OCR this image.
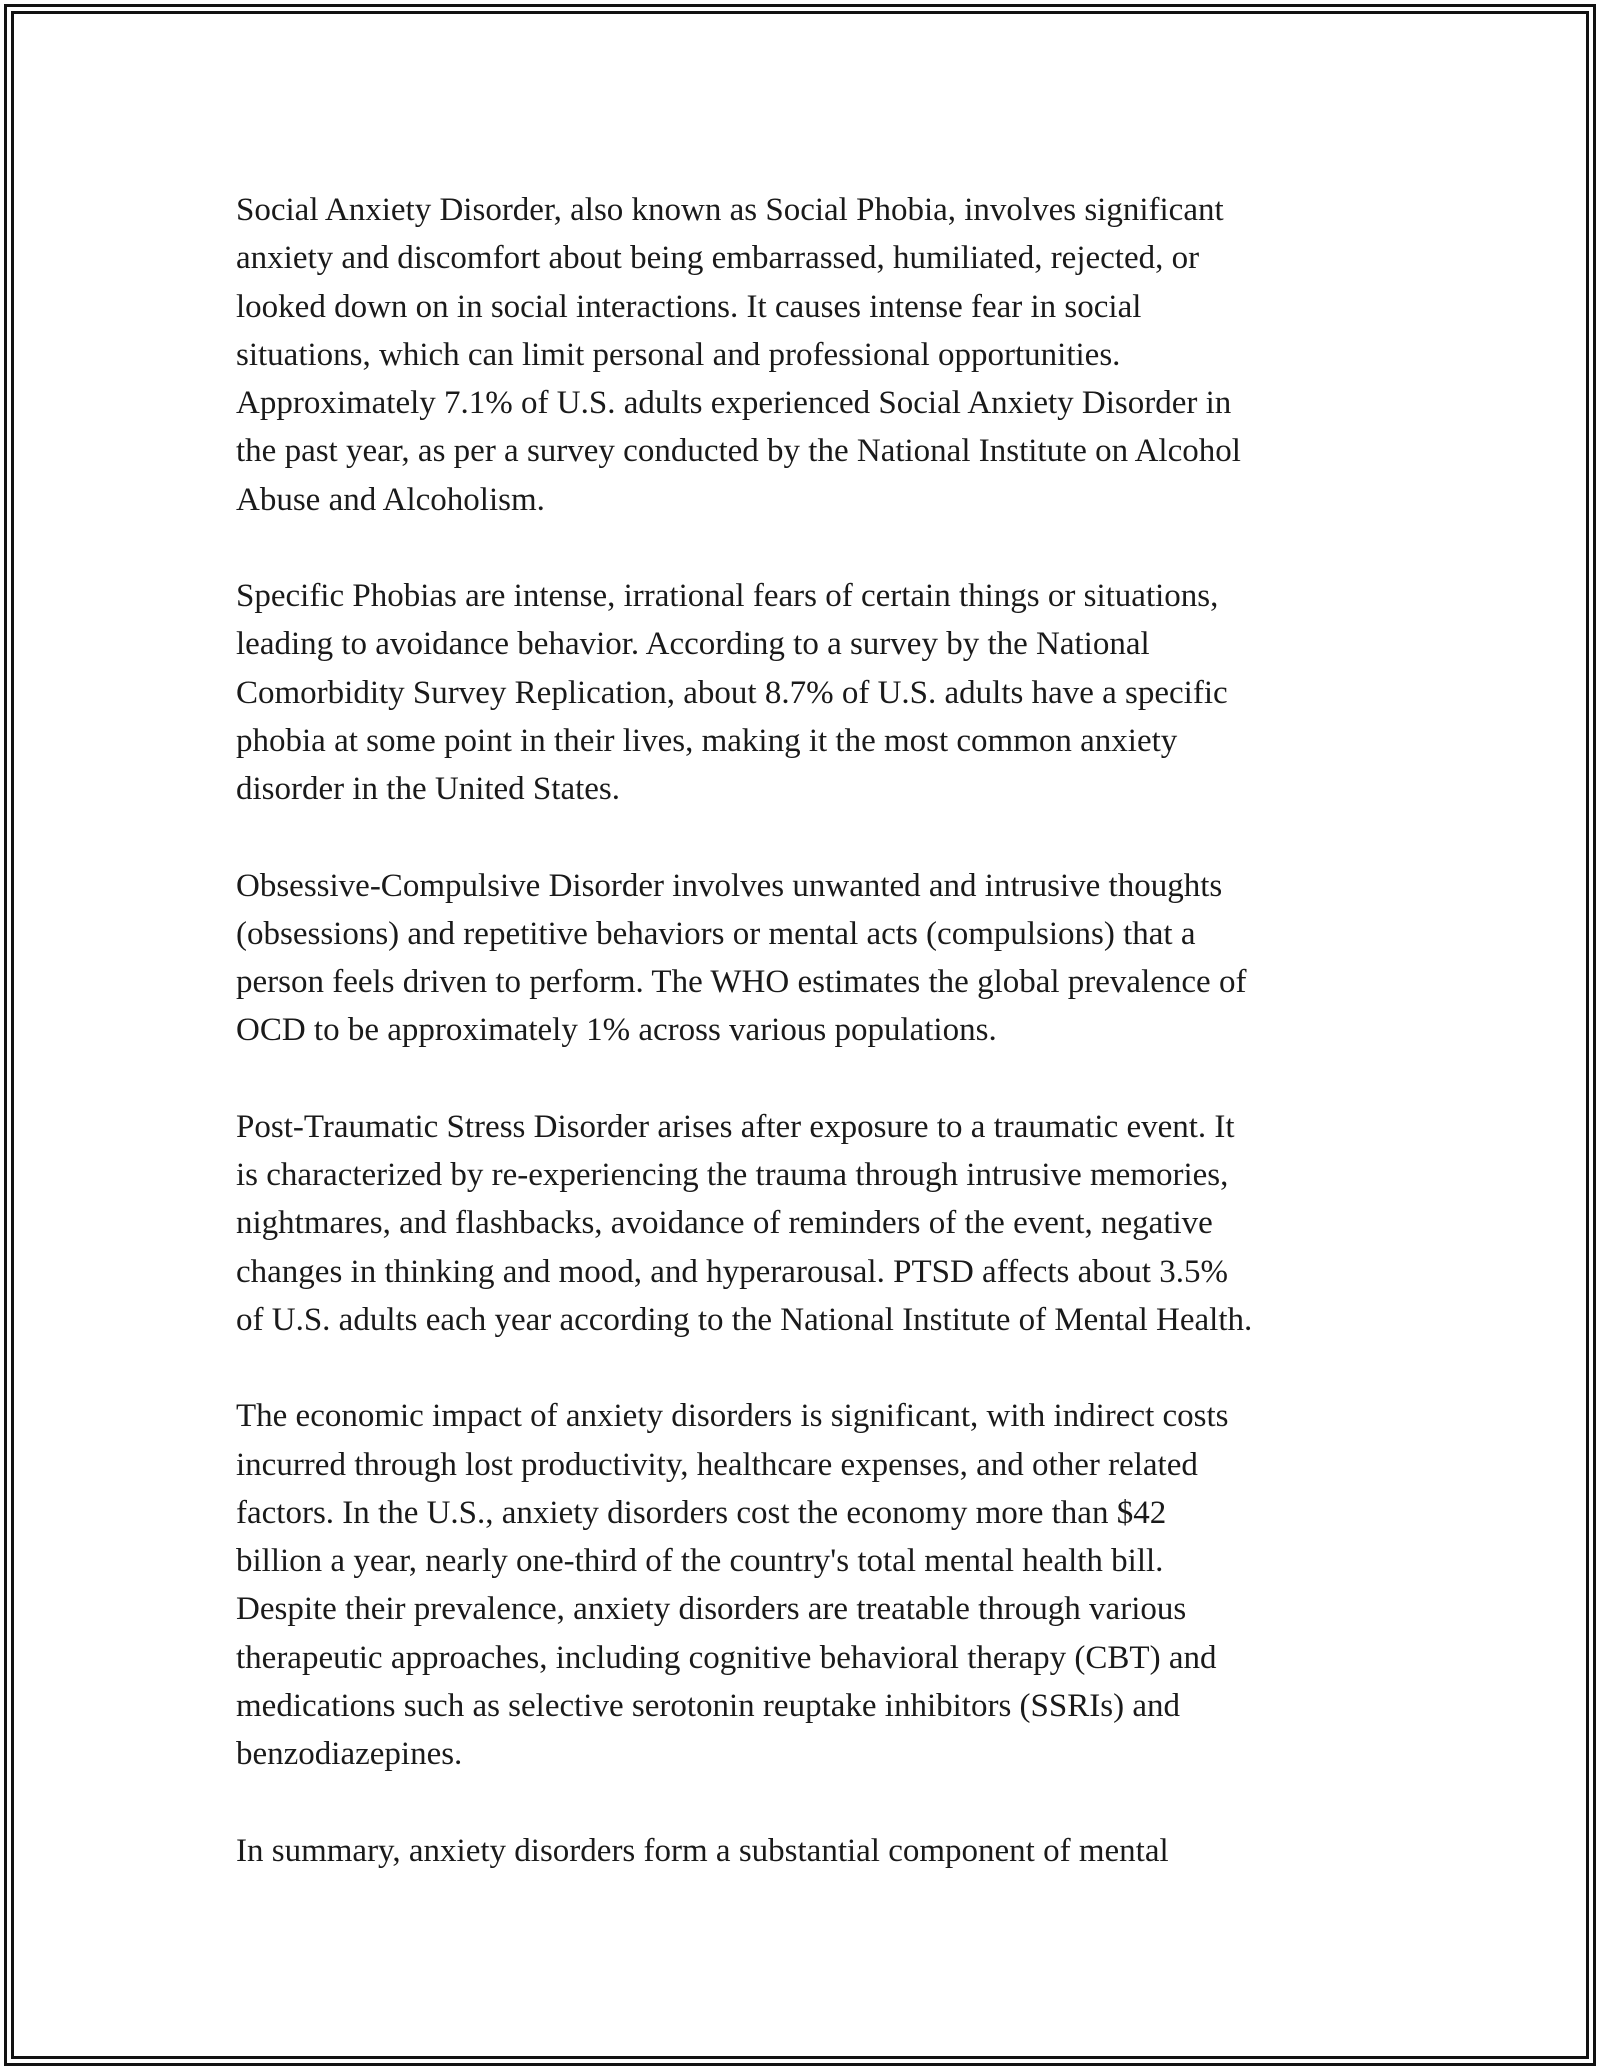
Social Anxiety Disorder, also known as Social Phobia, involves significant
anxiety and discomfort about being embarrassed, humiliated, rejected, or
looked down on in social interactions. It causes intense fear in social
situations, which can limit personal and professional opportunities.
Approximately 7.1% of U.S. adults experienced Social Anxiety Disorder in
the past year, as per a survey conducted by the National Institute on Alcohol
Abuse and Alcoholism.

Specific Phobias are intense, irrational fears of certain things or situations,
leading to avoidance behavior. According to a survey by the National
Comorbidity Survey Replication, about 8.7% of U.S. adults have a specific
phobia at some point in their lives, making it the most common anxiety
disorder in the United States.

Obsessive-Compulsive Disorder involves unwanted and intrusive thoughts
(obsessions) and repetitive behaviors or mental acts (compulsions) that a
person feels driven to perform. The WHO estimates the global prevalence of
OCD to be approximately 1% across various populations.

Post-Traumatic Stress Disorder arises after exposure to a traumatic event. It
is characterized by re-experiencing the trauma through intrusive memories,
nightmares, and flashbacks, avoidance of reminders of the event, negative
changes in thinking and mood, and hyperarousal. PTSD affects about 3.5%
of U.S. adults each year according to the National Institute of Mental Health.

The economic impact of anxiety disorders is significant, with indirect costs
incurred through lost productivity, healthcare expenses, and other related
factors. In the U.S., anxiety disorders cost the economy more than $42
billion a year, nearly one-third of the country's total mental health bill.
Despite their prevalence, anxiety disorders are treatable through various
therapeutic approaches, including cognitive behavioral therapy (CBT) and
medications such as selective serotonin reuptake inhibitors (SSRIs) and
benzodiazepines.

In summary, anxiety disorders form a substantial component of mental
